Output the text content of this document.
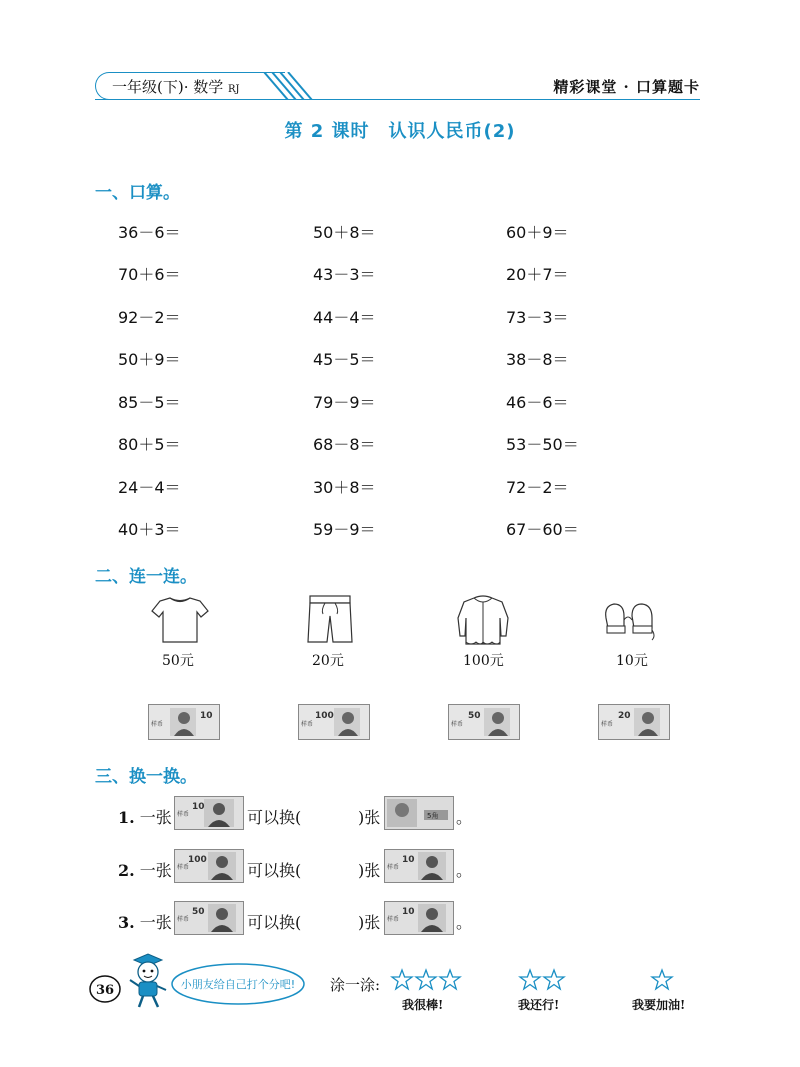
一年级(下)· 数学 RJ	精彩课堂 · 口算题卡
第 2 课时　认识人民币(2)
一、口算。
36－6＝	50＋8＝	60＋9＝
70＋6＝	43－3＝	20＋7＝
92－2＝	44－4＝	73－3＝
50＋9＝	45－5＝	38－8＝
85－5＝	79－9＝	46－6＝
80＋5＝	68－8＝	53－50＝
24－4＝	30＋8＝	72－2＝
40＋3＝	59－9＝	67－60＝
二、连一连。
50元	20元	100元	10元
样币
10
样币
100
样币
50
样币
20
三、换一换。
1. 一张 样币
10
可以换(	)张	5角 。
2. 一张 样币
100
可以换(	)张 样币
10
。
3. 一张 样币
50
可以换(	)张 样币
10
。
36	小朋友给自己打个分吧! 涂一涂:
我很棒!	我还行!	我要加油!
